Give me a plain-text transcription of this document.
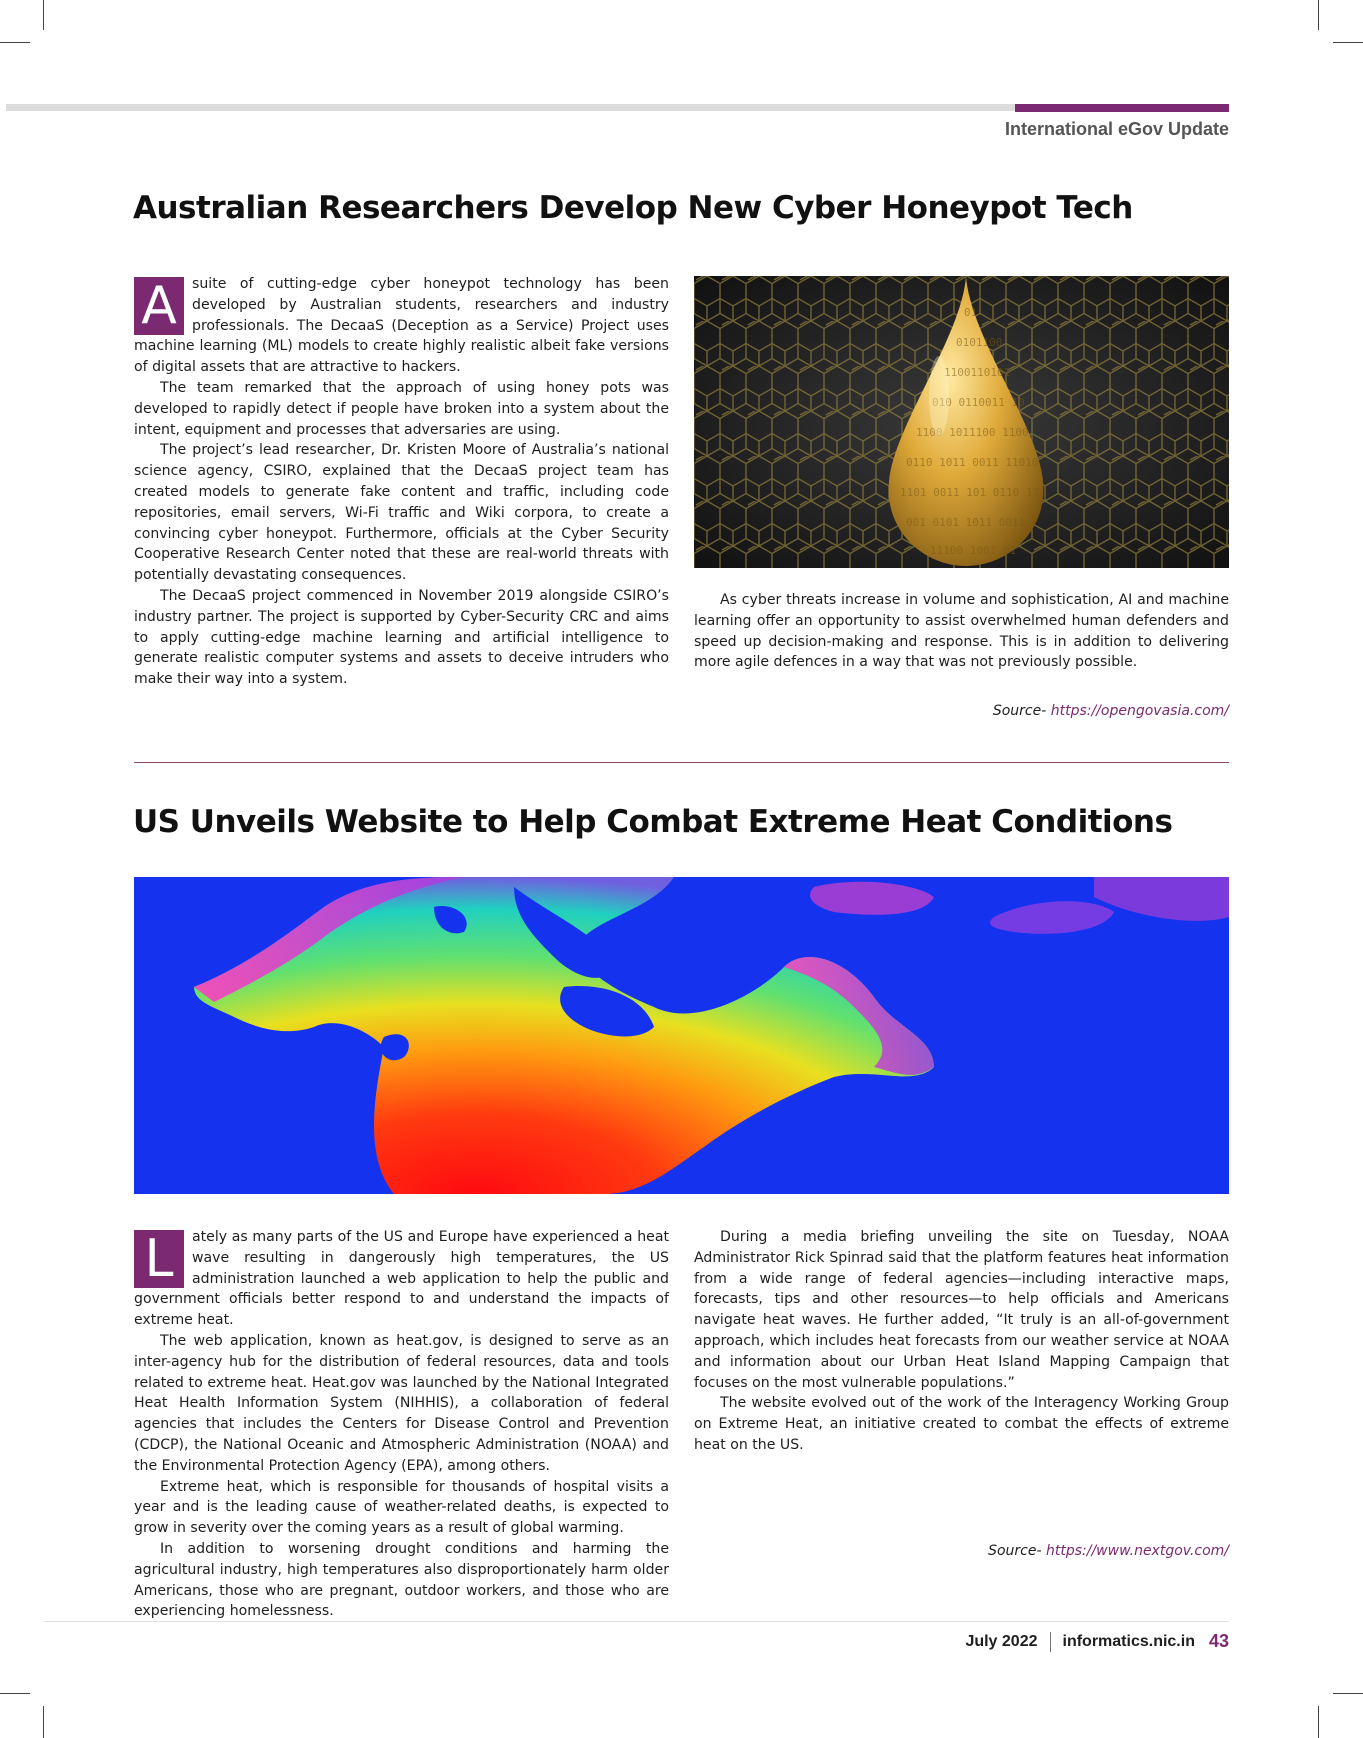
International eGov Update
Australian Researchers Develop New Cyber Honeypot Tech

A	suite of cutting-edge cyber honeypot technology has been developed by Australian students, researchers and industry professionals. The DecaaS (Deception as a Service) Project uses machine learning (ML) models to create highly realistic albeit fake versions of digital assets that are attractive to hackers.

The team remarked that the approach of using honey pots was developed to rapidly detect if people have broken into a system about the intent, equipment and processes that adversaries are using.

The project’s lead researcher, Dr. Kristen Moore of Australia’s national science agency, CSIRO, explained that the DecaaS project team has created models to generate fake content and traffic, including code repositories, email servers, Wi-Fi traffic and Wiki corpora, to create a convincing cyber honeypot. Furthermore, officials at the Cyber Security Cooperative Research Center noted that these are real-world threats with potentially devastating consequences.

The DecaaS project commenced in November 2019 alongside CSIRO’s industry partner. The project is supported by Cyber-Security CRC and aims to apply cutting-edge machine learning and artificial intelligence to generate realistic computer systems and assets to deceive intruders who make their way into a system.

01
0101100
1100110101
010 0110011 10
1100 1011100 1100
0110 1011 0011 11010
1101 0011 101 0110 11
001 0101 1011 0011
11100 1001 01

As cyber threats increase in volume and sophistication, AI and machine learning offer an opportunity to assist overwhelmed human defenders and speed up decision-making and response. This is in addition to delivering more agile defences in a way that was not previously possible.

Source- https://opengovasia.com/
US Unveils Website to Help Combat Extreme Heat Conditions

L	ately as many parts of the US and Europe have experienced a heat wave resulting in dangerously high temperatures, the US administration launched a web application to help the public and government officials better respond to and understand the impacts of extreme heat.

The web application, known as heat.gov, is designed to serve as an inter-agency hub for the distribution of federal resources, data and tools related to extreme heat. Heat.gov was launched by the National Integrated Heat Health Information System (NIHHIS), a collaboration of federal agencies that includes the Centers for Disease Control and Prevention (CDCP), the National Oceanic and Atmospheric Administration (NOAA) and the Environmental Protection Agency (EPA), among others.

Extreme heat, which is responsible for thousands of hospital visits a year and is the leading cause of weather-related deaths, is expected to grow in severity over the coming years as a result of global warming.

In addition to worsening drought conditions and harming the agricultural industry, high temperatures also disproportionately harm older Americans, those who are pregnant, outdoor workers, and those who are experiencing homelessness.

During a media briefing unveiling the site on Tuesday, NOAA Administrator Rick Spinrad said that the platform features heat information from a wide range of federal agencies—including interactive maps, forecasts, tips and other resources—to help officials and Americans navigate heat waves. He further added, “It truly is an all-of-government approach, which includes heat forecasts from our weather service at NOAA and information about our Urban Heat Island Mapping Campaign that focuses on the most vulnerable populations.”

The website evolved out of the work of the Interagency Working Group on Extreme Heat, an initiative created to combat the effects of extreme heat on the US.

Source- https://www.nextgov.com/
July 2022 informatics.nic.in 43
